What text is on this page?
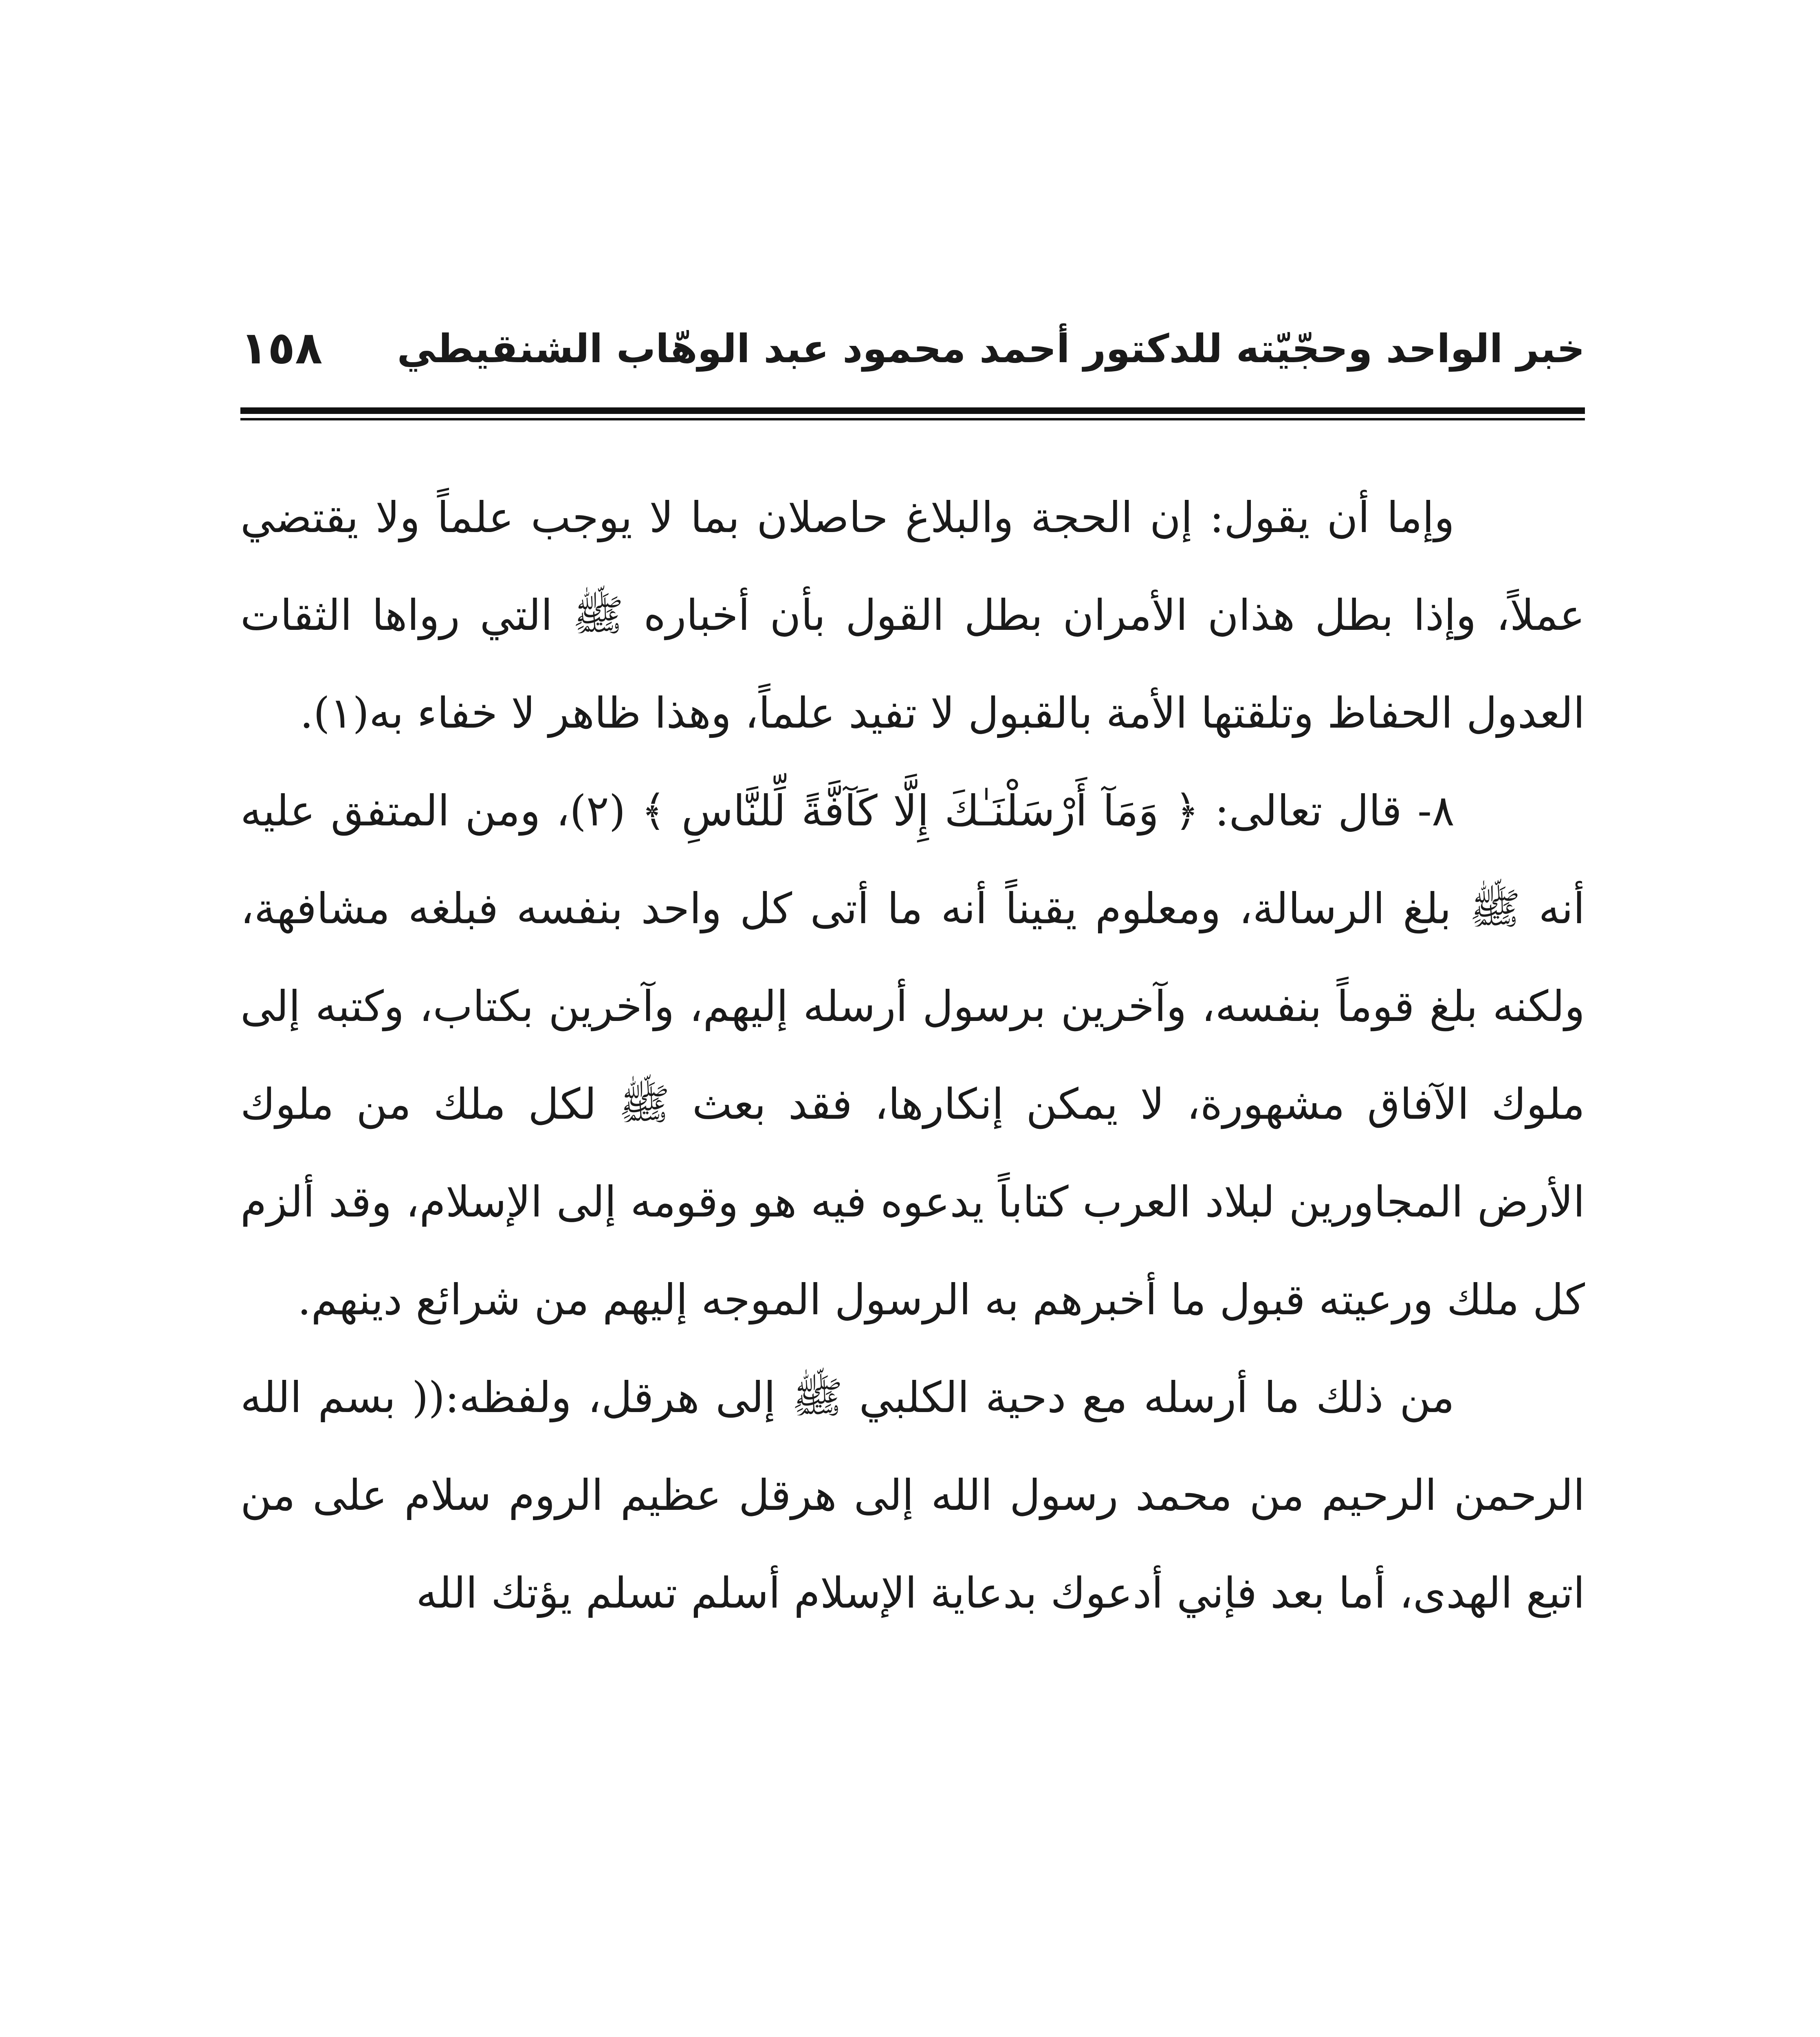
خبر الواحد وحجّيّته للدكتور أحمد محمود عبد الوهّاب الشنقيطي
١٥٨

وإما أن يقول: إن الحجة والبلاغ حاصلان بما لا يوجب علماً ولا يقتضي عملاً، وإذا بطل هذان الأمران بطل القول بأن أخباره ﷺ التي رواها الثقات العدول الحفاظ وتلقتها الأمة بالقبول لا تفيد علماً، وهذا ظاهر لا خفاء به(١).

٨- قال تعالى: ﴿ وَمَآ أَرْسَلْنَـٰكَ إِلَّا كَآفَّةً لِّلنَّاسِ ﴾ (٢)، ومن المتفق عليه أنه ﷺ بلغ الرسالة، ومعلوم يقيناً أنه ما أتى كل واحد بنفسه فبلغه مشافهة، ولكنه بلغ قوماً بنفسه، وآخرين برسول أرسله إليهم، وآخرين بكتاب، وكتبه إلى ملوك الآفاق مشهورة، لا يمكن إنكارها، فقد بعث ﷺ لكل ملك من ملوك الأرض المجاورين لبلاد العرب كتاباً يدعوه فيه هو وقومه إلى الإسلام، وقد ألزم كل ملك ورعيته قبول ما أخبرهم به الرسول الموجه إليهم من شرائع دينهم.

من ذلك ما أرسله مع دحية الكلبي ﷺ إلى هرقل، ولفظه:(( بسم الله الرحمن الرحيم من محمد رسول الله إلى هرقل عظيم الروم سلام على من اتبع الهدى، أما بعد فإني أدعوك بدعاية الإسلام أسلم تسلم يؤتك الله
